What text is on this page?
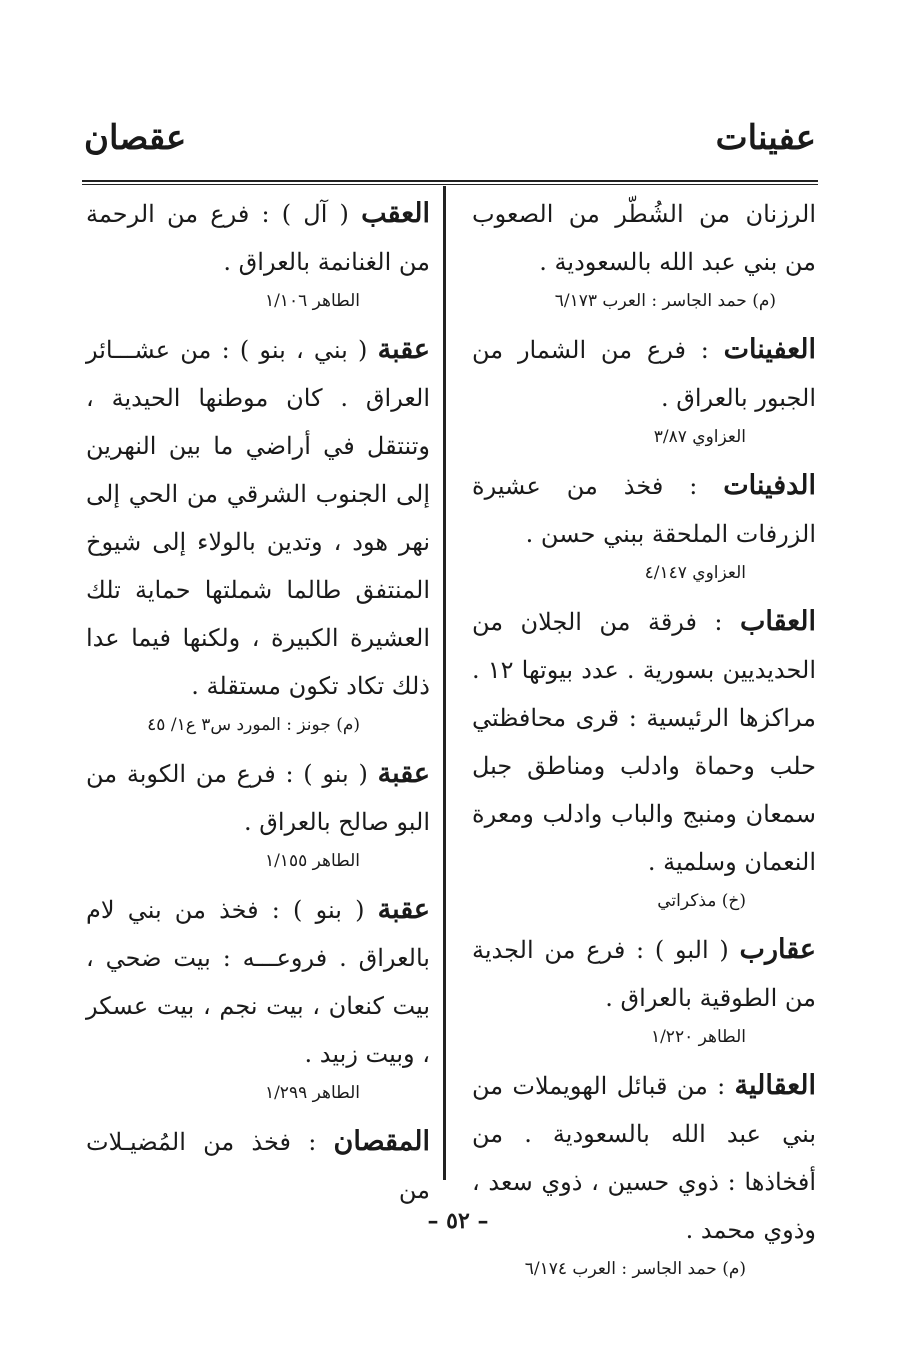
عفينات
عقصان

الرزنان من الشُطّر من الصعوب من بني عبد الله بالسعودية .

(م) حمد الجاسر : العرب ٦/١٧٣

العفينات : فرع من الشمار من الجبور بالعراق .

العزاوي ٣/٨٧

الدفينات : فخذ من عشيرة الزرفات الملحقة ببني حسن .

العزاوي ٤/١٤٧

العقاب : فرقة من الجلان من الحديديين بسورية . عدد بيوتها ١٢ . مراكزها الرئيسية : قرى محافظتي حلب وحماة وادلب ومناطق جبل سمعان ومنبج والباب وادلب ومعرة النعمان وسلمية .

(خ) مذكراتي

عقارب ( البو ) : فرع من الجدية من الطوقية بالعراق .

الطاهر ١/٢٢٠

العقالية : من قبائل الهويملات من بني عبد الله بالسعودية . من أفخاذها : ذوي حسين ، ذوي سعد ، وذوي محمد .

(م) حمد الجاسر : العرب ٦/١٧٤

العقب ( آل ) : فرع من الرحمة من الغنانمة بالعراق .

الطاهر ١/١٠٦

عقبة ( بني ، بنو ) : من عشـــائر العراق . كان موطنها الحيدية ، وتنتقل في أراضي ما بين النهرين إلى الجنوب الشرقي من الحي إلى نهر هود ، وتدين بالولاء إلى شيوخ المنتفق طالما شملتها حماية تلك العشيرة الكبيرة ، ولكنها فيما عدا ذلك تكاد تكون مستقلة .

(م) جونز : المورد س٣ ع١/ ٤٥

عقبة ( بنو ) : فرع من الكوبة من البو صالح بالعراق .

الطاهر ١/١٥٥

عقبة ( بنو ) : فخذ من بني لام بالعراق . فروعـــه : بيت ضحي ، بيت كنعان ، بيت نجم ، بيت عسكر ، وبيت زبيد .

الطاهر ١/٢٩٩

المقصان : فخذ من المُضيـلات من

– ٥٢ –
